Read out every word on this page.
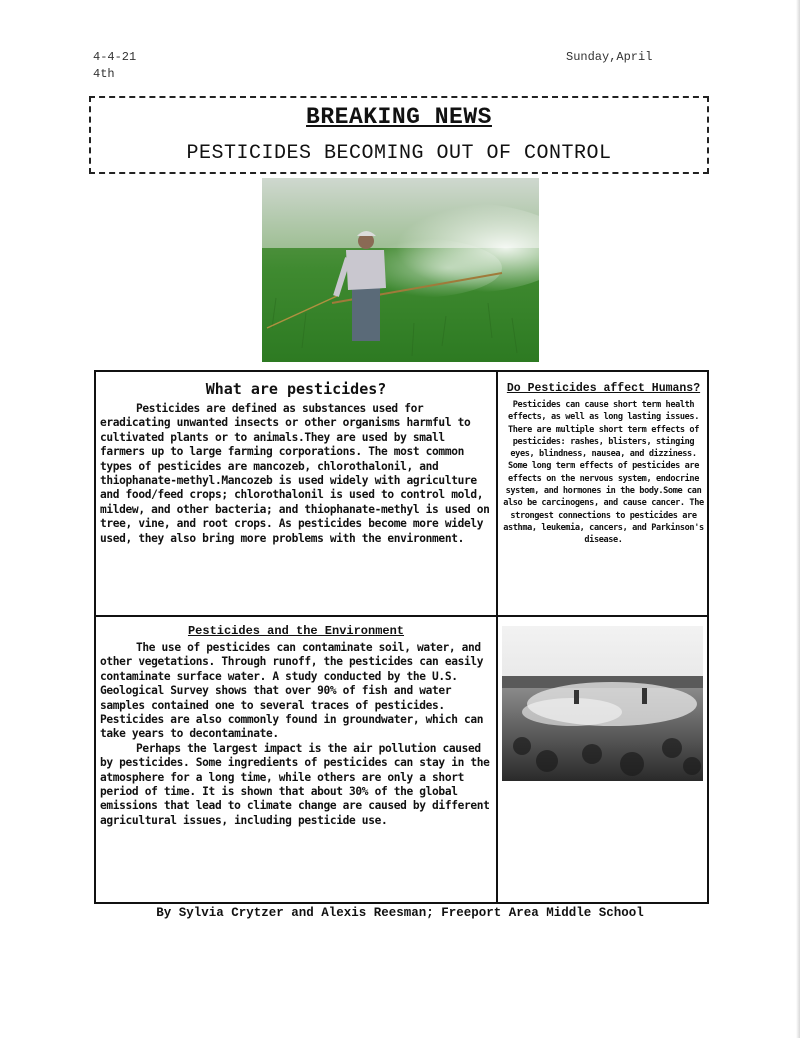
4-4-21
4th
Sunday,April
BREAKING NEWS
PESTICIDES BECOMING OUT OF CONTROL
What are pesticides?

Pesticides are defined as substances used for eradicating unwanted insects or other organisms harmful to cultivated plants or to animals.They are used by small farmers up to large farming corporations. The most common types of pesticides are mancozeb, chlorothalonil, and thiophanate-methyl.Mancozeb is used widely with agriculture and food/feed crops; chlorothalonil is used to control mold, mildew, and other bacteria; and thiophanate-methyl is used on tree, vine, and root crops. As pesticides become more widely used, they also bring more problems with the environment.

Do Pesticides affect Humans?

Pesticides can cause short term health effects, as well as long lasting issues. There are multiple short term effects of pesticides: rashes, blisters, stinging eyes, blindness, nausea, and dizziness. Some long term effects of pesticides are effects on the nervous system, endocrine system, and hormones in the body.Some can also be carcinogens, and cause cancer. The strongest connections to pesticides are asthma, leukemia, cancers, and Parkinson's disease.

Pesticides and the Environment

The use of pesticides can contaminate soil, water, and other vegetations. Through runoff, the pesticides can easily contaminate surface water. A study conducted by the U.S. Geological Survey shows that over 90% of fish and water samples contained one to several traces of pesticides. Pesticides are also commonly found in groundwater, which can take years to decontaminate.

Perhaps the largest impact is the air pollution caused by pesticides. Some ingredients of pesticides can stay in the atmosphere for a long time, while others are only a short period of time. It is shown that about 30% of the global emissions that lead to climate change are caused by different agricultural issues, including pesticide use.

By Sylvia Crytzer and Alexis Reesman; Freeport Area Middle School
